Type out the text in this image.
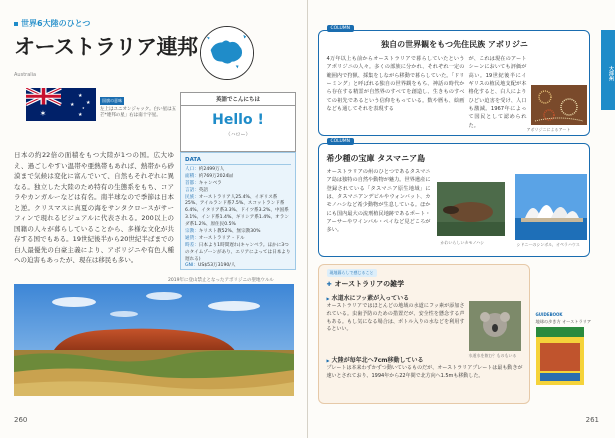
世界6大陸のひとつ
オーストラリア連邦
Australia
✶
★
★ ★
★
★
国旗の意味
左上はユニオンジャック。白い星は五芒*連邦の星」右は南十字星。
英語でこんにちは
Hello !
（ハロー）
日本の約22倍の面積をもつ大陸が1つの国。広大ゆえ、過ごしやすい温帯や亜熱帯もあれば、熱帯から砂漠まで気候は変化に富んでいて、自然もそれぞれに異なる。独立した大陸のため特有の生態系をもち、コアラやカンガルーなどは有名。南半球なので季節は日本と逆。クリスマスに真夏の海をサンタクロースがサーフィンで現れるビジュアルに代表される。200以上の国籍の人々が暮らしていることから、多様な文化が共存する国でもある。19世紀後半から20世紀半ばまでの白人最優先の白豪主義により、アボリジニや有色人種への迫害もあったが、現在は移民も多い。
DATA
人口：約2499万人
面積：約769万2024㎢
首都：キャンベラ
言語：英語
民族：オーストラリア人25.4%、イギリス系25%、アイルランド系7.5%、スコットランド系6.4%、イタリア系3.3%、ドイツ系3.2%、中国系3.1%、インド系1.4%、ギリシア系1.4%、オランダ系1.2%、原住民0.5%
宗教：キリスト教52%、無宗教30%
通貨：オーストラリア・ドル
時差：日本より1時間遅れ(キャンベラ。ほかに3つのタイムゾーンがあり、エリアによっては日本より遅れる)
GNI：US$53万3190/人
2019年に登山禁止となったアボリジニの聖地ウルル
260
大洋州
大洋州
COLUMN
独自の世界観をもつ先住民族 アボリジニ
4万年以上も前からオーストラリアで暮らしていたというアボリジニの人々。多くの部族に分かれ、それぞれ一定の範囲内で狩猟、採集をしながら移動で暮らしていた。「ドリーミング」と呼ばれる独自の世界観をもち、神話の時代から存在する精霊が自然界のすべてを創造し、生きものすべての祖先であるという信仰をもっている。数や暦も、絵画なども通してそれを表現する
が、これは現在のアートシーンにおいても評価が高い。19世紀後半にイギリスの植民地支配が本格化すると、白人によりひどい迫害を受け、人口も激減。1967年によって国民として認められた。
アボリジニによるアート
COLUMN
希少種の宝庫 タスマニア島
オーストラリアの州のひとつであるタスマニア島は独特の自然や動物が魅力。世界遺産に登録されている「タスマニア原生地域」には、タスマニアンデビルやウォンバット、カモノハシなど希少動物が生息している。ほかにも国内最大の流刑植民地跡であるポート・アーサーやワインバル・ペイなど見どころが多い。
かわいらしいカモノハシ	シドニーのシンボル、オペラハウス
現地暮らしで感じること
✚ オーストラリアの雑学
▶ 水道水にフッ素が入っている
オーストラリアではほとんどの地域の水道にフッ素が添加されている。虫歯予防のための措置だが、安全性を懸念する声もある。もし気になる場合は、ボトル入りの水などを利用するといい。
▶ 大陸が毎年北へ7cm移動している
プレートは本来わずかずつ動いているものだが、オーストラリアプレートは最も動きが速いとされており、1994年から22年間で北方向へ1.5mも移動した。
水道水を飲む？ものもいる
GUIDEBOOK
地球の歩き方 オーストラリア
261
